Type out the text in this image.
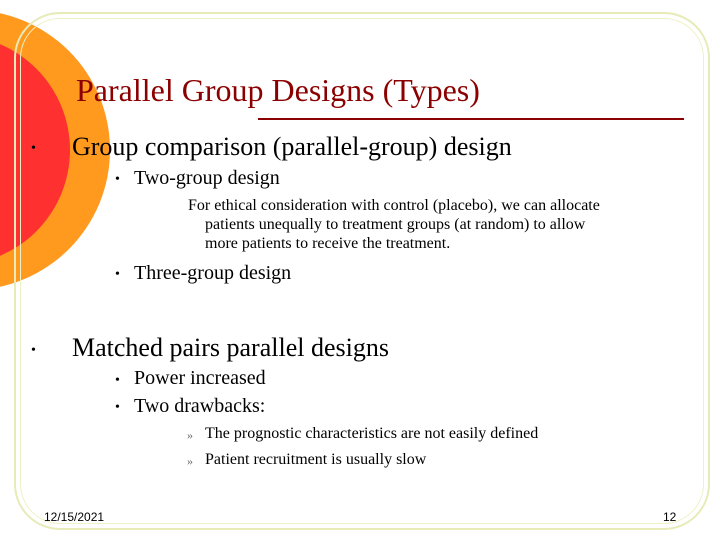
Parallel Group Designs (Types)
• Group comparison (parallel-group) design
• Two-group design
For ethical consideration with control (placebo), we can allocate
patients unequally to treatment groups (at random) to allow
more patients to receive the treatment.
• Three-group design
• Matched pairs parallel designs
• Power increased
• Two drawbacks:
» The prognostic characteristics are not easily defined
» Patient recruitment is usually slow
12/15/2021	12
